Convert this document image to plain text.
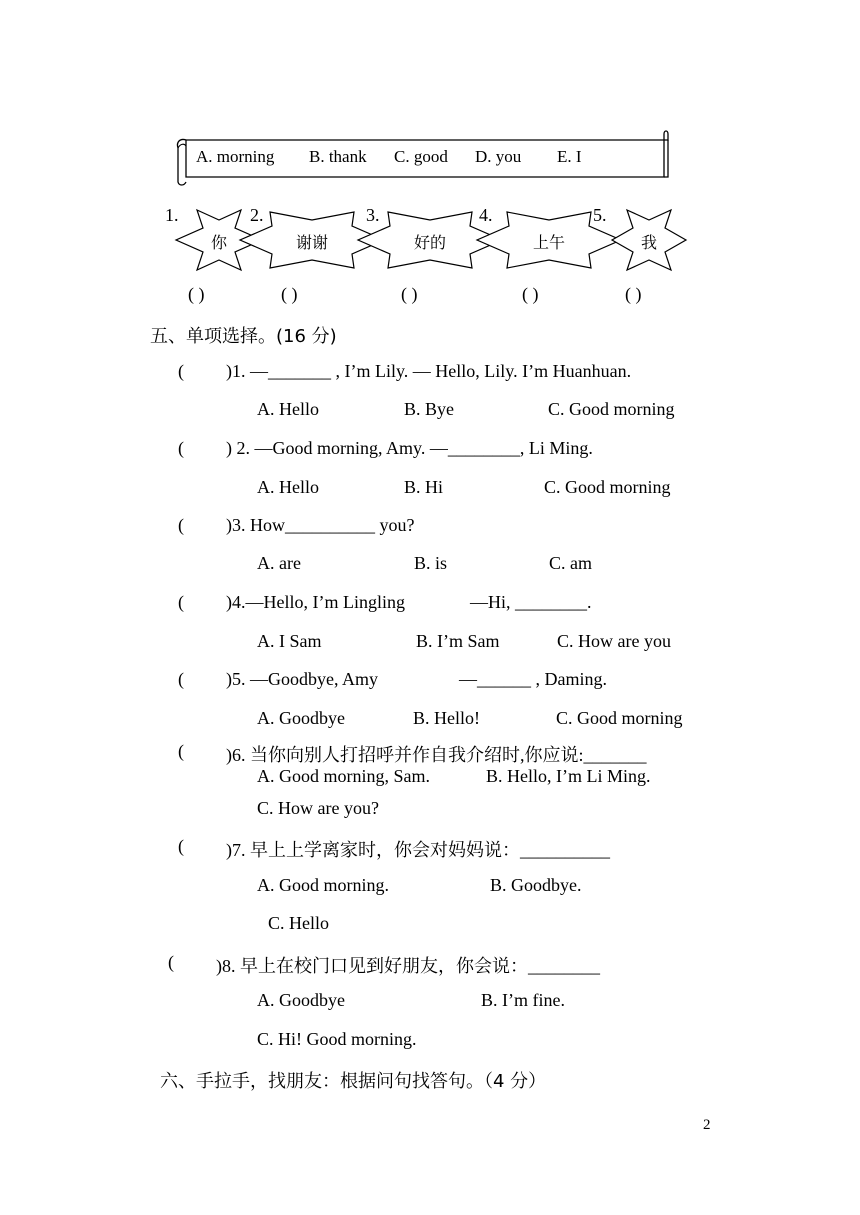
A. morning B. thank C. good D. you E. I
1.	2.	3.	4.	5.
你	谢谢	好的	上午	我
( )	( )	( )	( )	( )
五、单项选择。(16 分)
( )1. —_______ , I’m Lily. — Hello, Lily. I’m Huanhuan.
A. Hello	B. Bye	C. Good morning
( ) 2. —Good morning, Amy. —________, Li Ming.
A. Hello	B. Hi	C. Good morning
( )3. How__________ you?
A. are	B. is	C. am
( )4.—Hello, I’m Lingling	—Hi, ________.
A. I Sam	B. I’m Sam	C. How are you
( )5. —Goodbye, Amy	—______ , Daming.
A. Goodbye	B. Hello!	C. Good morning
( )6. 当你向别人打招呼并作自我介绍时,你应说:_______
A. Good morning, Sam.	B. Hello, I’m Li Ming.
C. How are you?
( )7. 早上上学离家时，你会对妈妈说：__________
A. Good morning.	B. Goodbye.
C. Hello
( )8. 早上在校门口见到好朋友，你会说：________
A. Goodbye	B. I’m fine.
C. Hi! Good morning.
六、手拉手，找朋友：根据问句找答句。（4 分）
2
